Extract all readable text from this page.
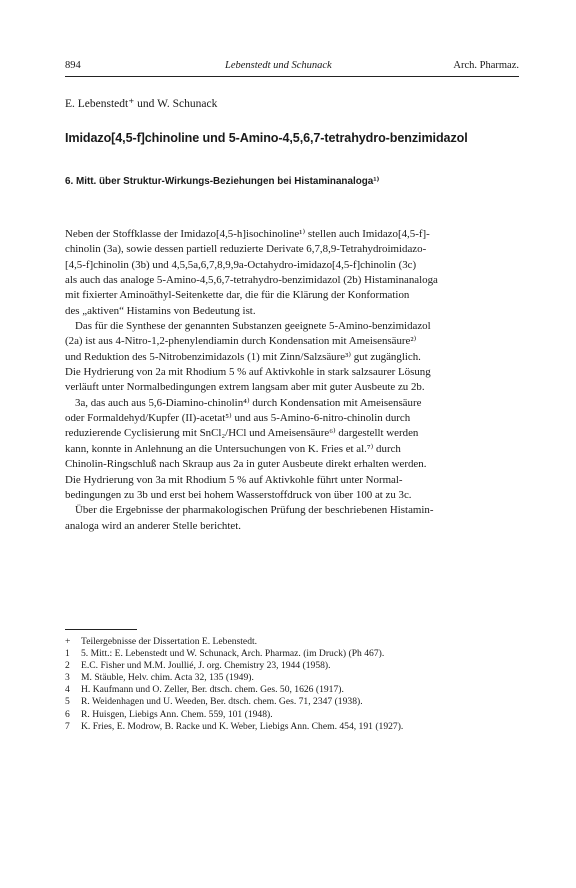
894	Lebenstedt und Schunack	Arch. Pharmaz.
E. Lebenstedt⁺ und W. Schunack
Imidazo[4,5-f]chinoline und 5-Amino-4,5,6,7-tetrahydro-benzimidazol
6. Mitt. über Struktur-Wirkungs-Beziehungen bei Histaminanaloga¹⁾
Neben der Stoffklasse der Imidazo[4,5-h]isochinoline¹⁾ stellen auch Imidazo[4,5-f]-
chinolin (3a), sowie dessen partiell reduzierte Derivate 6,7,8,9-Tetrahydroimidazo-
[4,5-f]chinolin (3b) und 4,5,5a,6,7,8,9,9a-Octahydro-imidazo[4,5-f]chinolin (3c)
als auch das analoge 5-Amino-4,5,6,7-tetrahydro-benzimidazol (2b) Histaminanaloga
mit fixierter Aminoäthyl-Seitenkette dar, die für die Klärung der Konformation
des „aktiven“ Histamins von Bedeutung ist.
Das für die Synthese der genannten Substanzen geeignete 5-Amino-benzimidazol
(2a) ist aus 4-Nitro-1,2-phenylendiamin durch Kondensation mit Ameisensäure²⁾
und Reduktion des 5-Nitrobenzimidazols (1) mit Zinn/Salzsäure³⁾ gut zugänglich.
Die Hydrierung von 2a mit Rhodium 5 % auf Aktivkohle in stark salzsaurer Lösung
verläuft unter Normalbedingungen extrem langsam aber mit guter Ausbeute zu 2b.
3a, das auch aus 5,6-Diamino-chinolin⁴⁾ durch Kondensation mit Ameisensäure
oder Formaldehyd/Kupfer (II)-acetat⁵⁾ und aus 5-Amino-6-nitro-chinolin durch
reduzierende Cyclisierung mit SnCl₂/HCl und Ameisensäure⁶⁾ dargestellt werden
kann, konnte in Anlehnung an die Untersuchungen von K. Fries et al.⁷⁾ durch
Chinolin-Ringschluß nach Skraup aus 2a in guter Ausbeute direkt erhalten werden.
Die Hydrierung von 3a mit Rhodium 5 % auf Aktivkohle führt unter Normal-
bedingungen zu 3b und erst bei hohem Wasserstoffdruck von über 100 at zu 3c.
Über die Ergebnisse der pharmakologischen Prüfung der beschriebenen Histamin-
analoga wird an anderer Stelle berichtet.
+ Teilergebnisse der Dissertation E. Lebenstedt.
1 5. Mitt.: E. Lebenstedt und W. Schunack, Arch. Pharmaz. (im Druck) (Ph 467).
2 E.C. Fisher und M.M. Joullié, J. org. Chemistry 23, 1944 (1958).
3 M. Stäuble, Helv. chim. Acta 32, 135 (1949).
4 H. Kaufmann und O. Zeller, Ber. dtsch. chem. Ges. 50, 1626 (1917).
5 R. Weidenhagen und U. Weeden, Ber. dtsch. chem. Ges. 71, 2347 (1938).
6 R. Huisgen, Liebigs Ann. Chem. 559, 101 (1948).
7 K. Fries, E. Modrow, B. Racke und K. Weber, Liebigs Ann. Chem. 454, 191 (1927).
